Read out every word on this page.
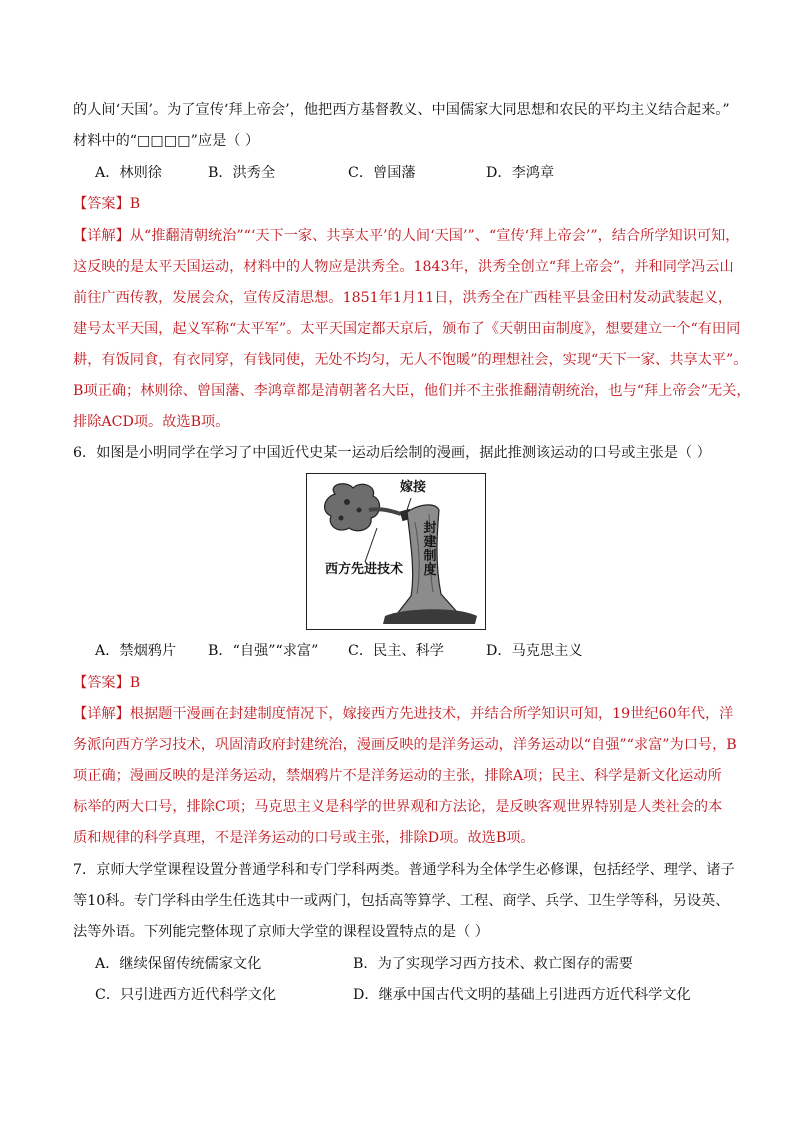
的人间‘天国’。为了宣传‘拜上帝会’，他把西方基督教义、中国儒家大同思想和农民的平均主义结合起来。”
材料中的“□□□□”应是（ ）
A．林则徐	B．洪秀全	C．曾国藩	D．李鸿章
【答案】B
【详解】从“推翻清朝统治”“‘天下一家、共享太平’的人间‘天国’”、“宣传‘拜上帝会’”，结合所学知识可知，
这反映的是太平天国运动，材料中的人物应是洪秀全。1843年，洪秀全创立“拜上帝会”，并和同学冯云山
前往广西传教，发展会众，宣传反清思想。1851年1月11日，洪秀全在广西桂平县金田村发动武装起义，
建号太平天国，起义军称“太平军”。太平天国定都天京后，颁布了《天朝田亩制度》，想要建立一个“有田同
耕，有饭同食，有衣同穿，有钱同使，无处不均匀，无人不饱暖”的理想社会，实现“天下一家、共享太平”。
B项正确；林则徐、曾国藩、李鸿章都是清朝著名大臣，他们并不主张推翻清朝统治，也与“拜上帝会”无关，
排除ACD项。故选B项。
6．如图是小明同学在学习了中国近代史某一运动后绘制的漫画，据此推测该运动的口号或主张是（ ）
嫁接
西方先进技术
封建制度
A．禁烟鸦片 B．“自强”“求富” C．民主、科学	D．马克思主义
【答案】B
【详解】根据题干漫画在封建制度情况下，嫁接西方先进技术，并结合所学知识可知，19世纪60年代，洋
务派向西方学习技术，巩固清政府封建统治，漫画反映的是洋务运动，洋务运动以“自强”“求富”为口号，B
项正确；漫画反映的是洋务运动，禁烟鸦片不是洋务运动的主张，排除A项；民主、科学是新文化运动所
标举的两大口号，排除C项；马克思主义是科学的世界观和方法论，是反映客观世界特别是人类社会的本
质和规律的科学真理，不是洋务运动的口号或主张，排除D项。故选B项。
7．京师大学堂课程设置分普通学科和专门学科两类。普通学科为全体学生必修课，包括经学、理学、诸子
等10科。专门学科由学生任选其中一或两门，包括高等算学、工程、商学、兵学、卫生学等科，另设英、
法等外语。下列能完整体现了京师大学堂的课程设置特点的是（ ）
A．继续保留传统儒家文化	B．为了实现学习西方技术、救亡图存的需要
C．只引进西方近代科学文化	D．继承中国古代文明的基础上引进西方近代科学文化
